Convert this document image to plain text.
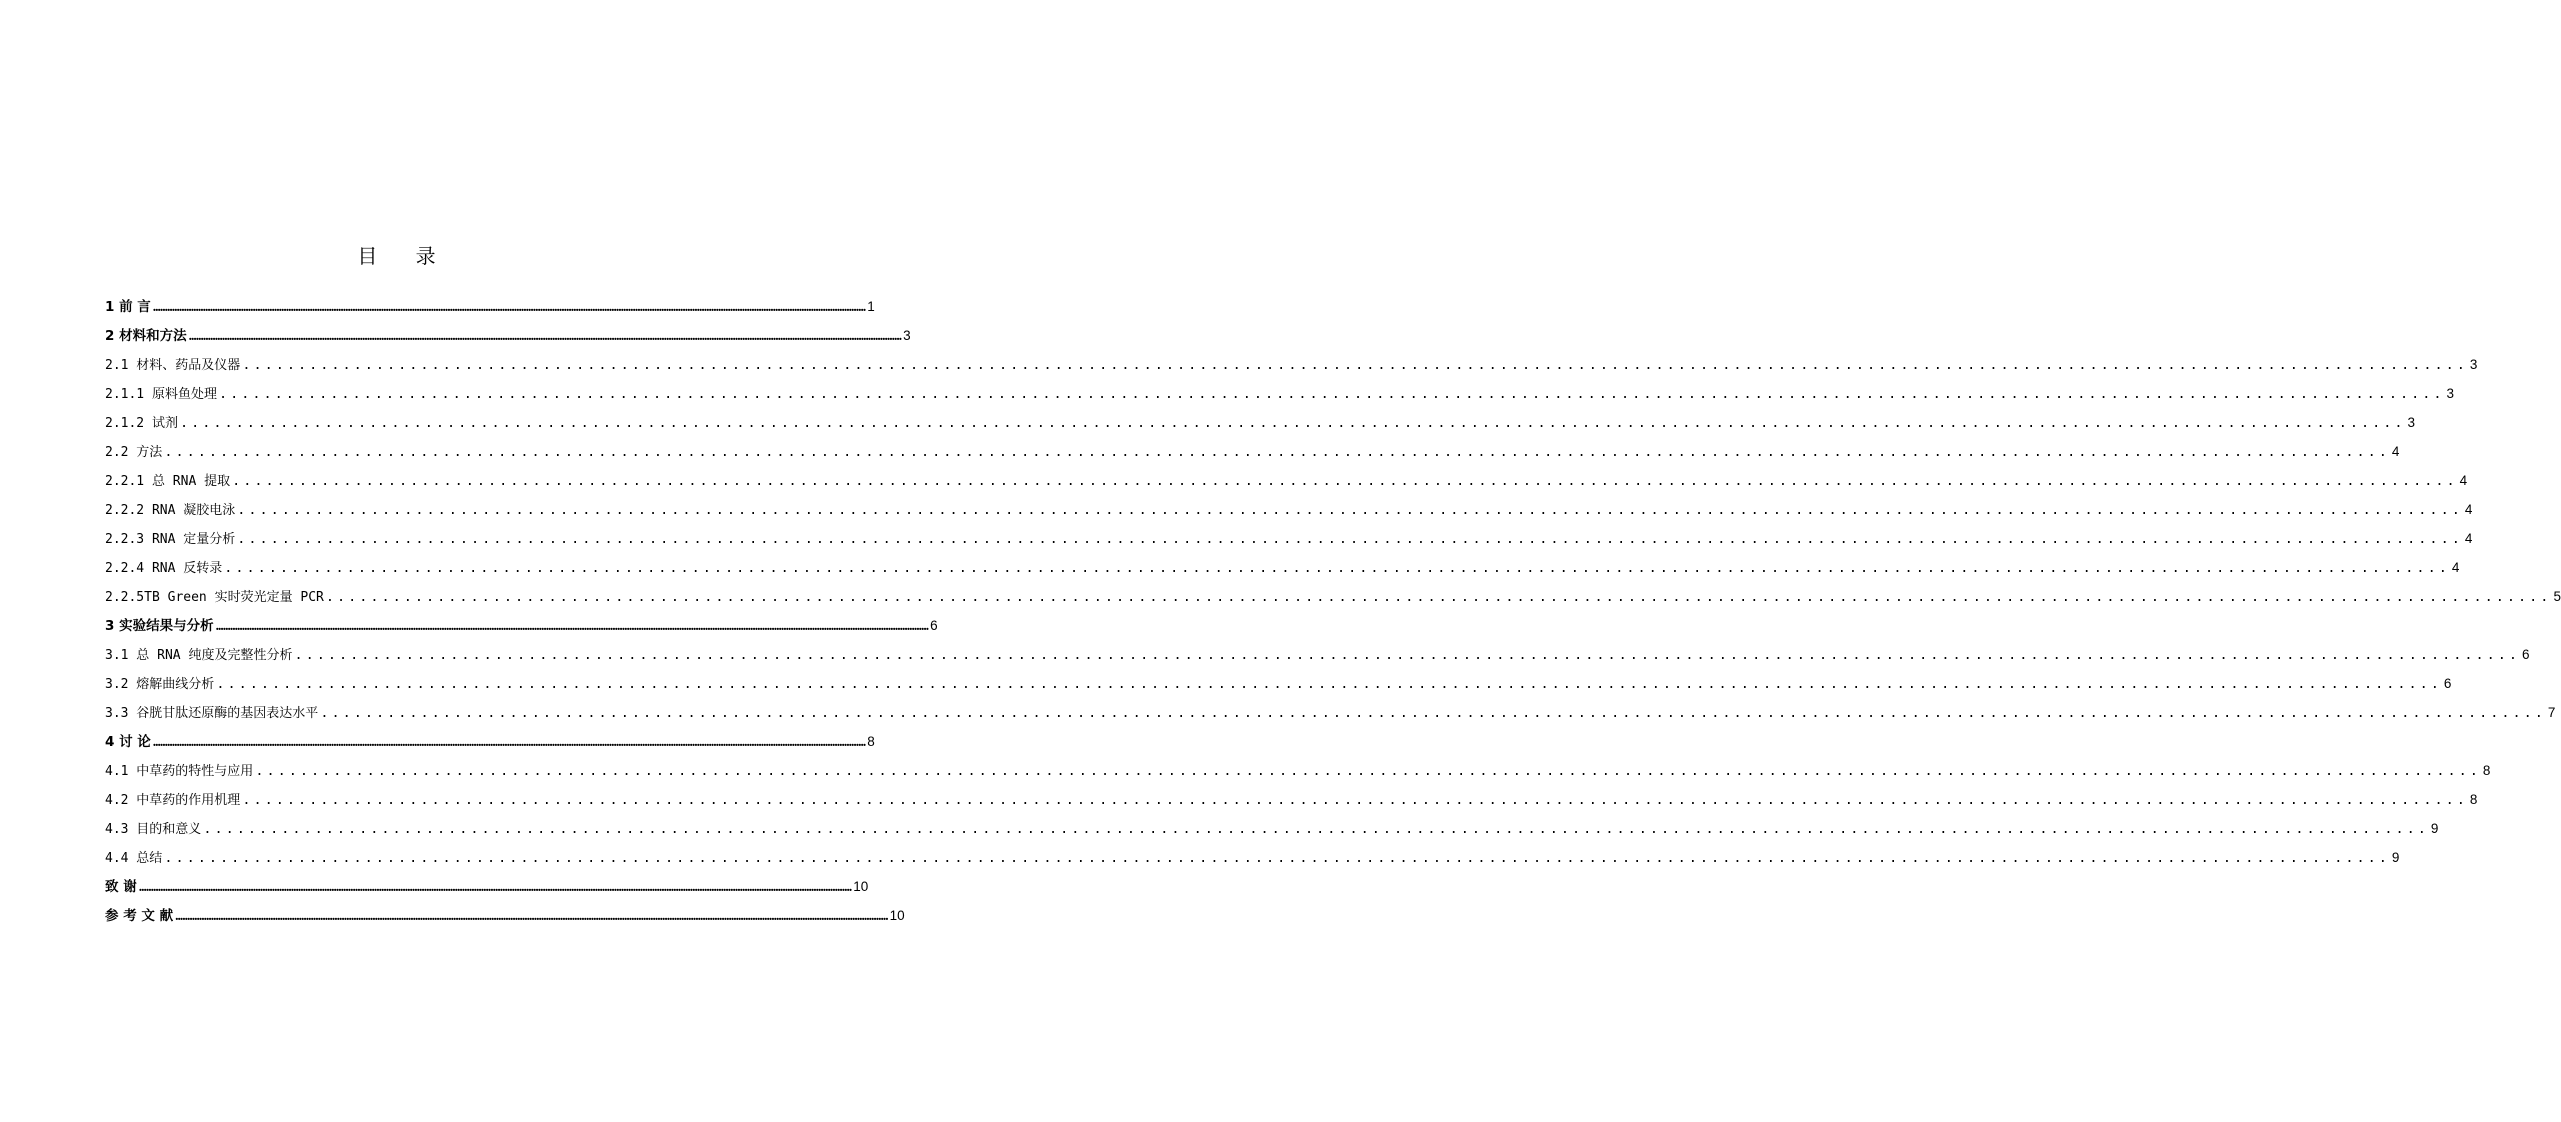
目 录
1 前 言 ............................................................................................................................................................................................................................................................................................................ 1
2 材料和方法 ............................................................................................................................................................................................................................................................................................................ 3
2.1 材料、药品及仪器 ........................................................................................................................................................................................................ 3
2.1.1 原料鱼处理 ........................................................................................................................................................................................................ 3
2.1.2 试剂 ........................................................................................................................................................................................................ 3
2.2 方法 ........................................................................................................................................................................................................ 4
2.2.1 总 RNA 提取 ........................................................................................................................................................................................................ 4
2.2.2 RNA 凝胶电泳 ........................................................................................................................................................................................................ 4
2.2.3 RNA 定量分析 ........................................................................................................................................................................................................ 4
2.2.4 RNA 反转录 ........................................................................................................................................................................................................ 4
2.2.5TB Green 实时荧光定量 PCR ........................................................................................................................................................................................................ 5
3 实验结果与分析 ............................................................................................................................................................................................................................................................................................................ 6
3.1 总 RNA 纯度及完整性分析 ........................................................................................................................................................................................................ 6
3.2 熔解曲线分析 ........................................................................................................................................................................................................ 6
3.3 谷胱甘肽还原酶的基因表达水平 ........................................................................................................................................................................................................ 7
4 讨 论 ............................................................................................................................................................................................................................................................................................................ 8
4.1 中草药的特性与应用 ........................................................................................................................................................................................................ 8
4.2 中草药的作用机理 ........................................................................................................................................................................................................ 8
4.3 目的和意义 ........................................................................................................................................................................................................ 9
4.4 总结 ........................................................................................................................................................................................................ 9
致 谢 ............................................................................................................................................................................................................................................................................................................ 10
参 考 文 献 ............................................................................................................................................................................................................................................................................................................ 10
